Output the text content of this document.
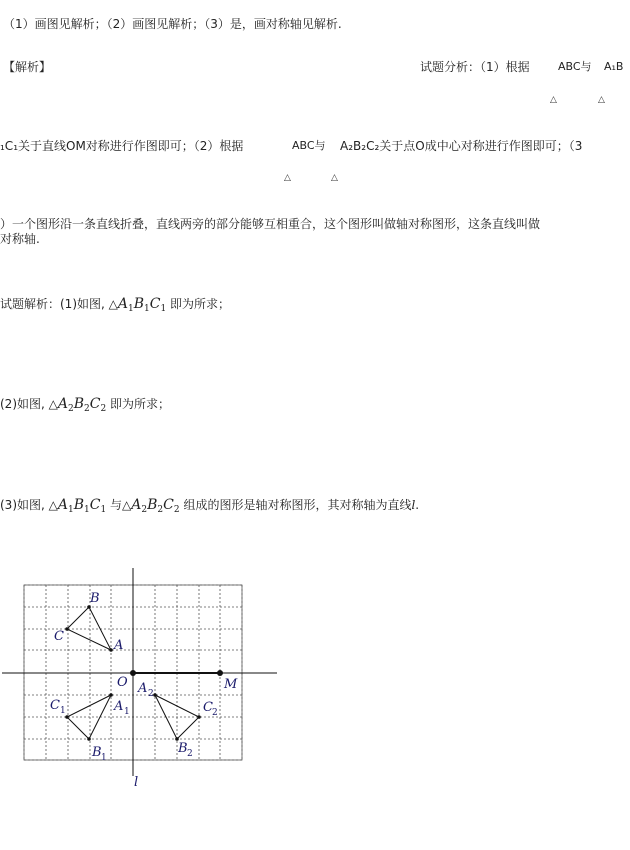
（1）画图见解析；（2）画图见解析；（3）是，画对称轴见解析.
【解析】	试题分析：（1）根据	ABC与 A₁B
△	△
₁C₁关于直线OM对称进行作图即可；（2）根据	ABC与 A₂B₂C₂关于点O成中心对称进行作图即可；（3
△	△
）一个图形沿一条直线折叠，直线两旁的部分能够互相重合，这个图形叫做轴对称图形，这条直线叫做
对称轴.
试题解析：(1)如图, $\triangle A_1B_1C_1$ 即为所求；
(2)如图, $\triangle A_2B_2C_2$ 即为所求；
(3)如图, $\triangle A_1B_1C_1$ 与$\triangle A_2B_2C_2$ 组成的图形是轴对称图形，其对称轴为直线l.
B
C
A
O	M
l
C 1	A 1
B 1
A 2
C 2
B 2
